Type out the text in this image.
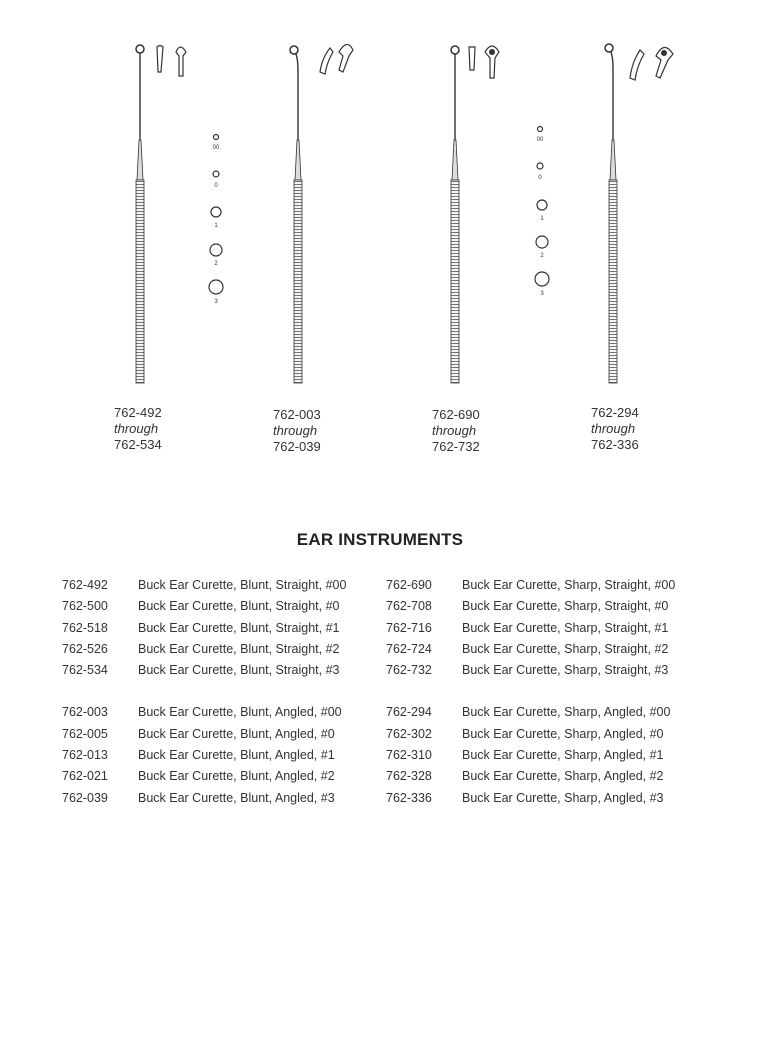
00
0
1
2
3
00
0
1
2
3
762-492
through
762-534
762-003
through
762-039
762-690
through
762-732
762-294
through
762-336
EAR INSTRUMENTS
762-492 Buck Ear Curette, Blunt, Straight, #00
762-500 Buck Ear Curette, Blunt, Straight, #0
762-518 Buck Ear Curette, Blunt, Straight, #1
762-526 Buck Ear Curette, Blunt, Straight, #2
762-534 Buck Ear Curette, Blunt, Straight, #3
762-003 Buck Ear Curette, Blunt, Angled, #00
762-005 Buck Ear Curette, Blunt, Angled, #0
762-013 Buck Ear Curette, Blunt, Angled, #1
762-021 Buck Ear Curette, Blunt, Angled, #2
762-039 Buck Ear Curette, Blunt, Angled, #3
762-690 Buck Ear Curette, Sharp, Straight, #00
762-708 Buck Ear Curette, Sharp, Straight, #0
762-716 Buck Ear Curette, Sharp, Straight, #1
762-724 Buck Ear Curette, Sharp, Straight, #2
762-732 Buck Ear Curette, Sharp, Straight, #3
762-294 Buck Ear Curette, Sharp, Angled, #00
762-302 Buck Ear Curette, Sharp, Angled, #0
762-310 Buck Ear Curette, Sharp, Angled, #1
762-328 Buck Ear Curette, Sharp, Angled, #2
762-336 Buck Ear Curette, Sharp, Angled, #3
